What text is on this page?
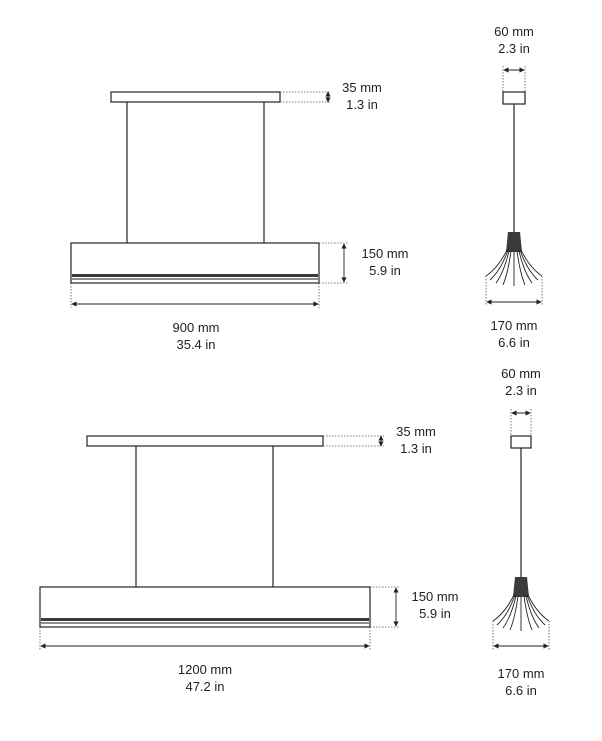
35 mm
1.3 in
150 mm
5.9 in
900 mm
35.4 in
60 mm
2.3 in
170 mm
6.6 in
35 mm
1.3 in
150 mm
5.9 in
1200 mm
47.2 in
60 mm
2.3 in
170 mm
6.6 in
